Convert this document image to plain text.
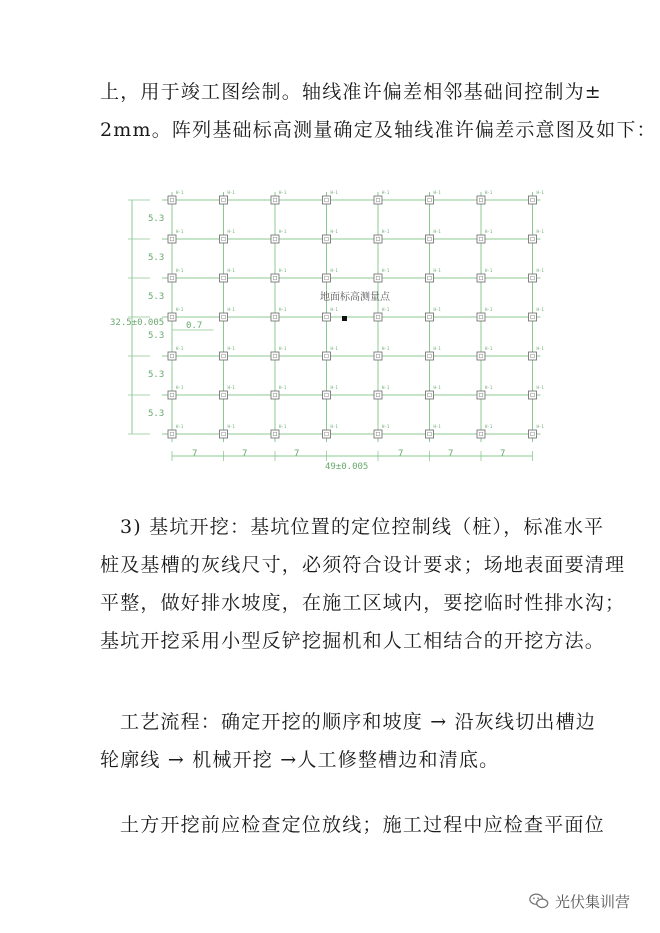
上，用于竣工图绘制。轴线准许偏差相邻基础间控制为±
2mm。阵列基础标高测量确定及轴线准许偏差示意图及如下：
H-1	H-1	H-1	H-1	H-1	H-1	H-1	H-1
H-1	H-1	H-1	H-1	H-1	H-1	H-1	H-1
H-1	H-1	H-1	H-1	H-1	H-1	H-1	H-1
H-1	H-1	H-1	H-1	H-1	H-1	H-1	H-1
H-1	H-1	H-1	H-1	H-1	H-1	H-1	H-1
H-1	H-1	H-1	H-1	H-1	H-1	H-1	H-1
H-1	H-1	H-1	H-1	H-1	H-1	H-1	H-1
5.3
5.3
5.3
5.3
5.3
5.3
7	7	7	7	7	7
32.5±0.005
49±0.005
0.7
地面标高测量点
3) 基坑开挖：基坑位置的定位控制线（桩），标准水平
桩及基槽的灰线尺寸，必须符合设计要求；场地表面要清理
平整，做好排水坡度，在施工区域内，要挖临时性排水沟；
基坑开挖采用小型反铲挖掘机和人工相结合的开挖方法。
工艺流程：确定开挖的顺序和坡度 → 沿灰线切出槽边
轮廓线 → 机械开挖 →人工修整槽边和清底。
土方开挖前应检查定位放线；施工过程中应检查平面位
光伏集训营
